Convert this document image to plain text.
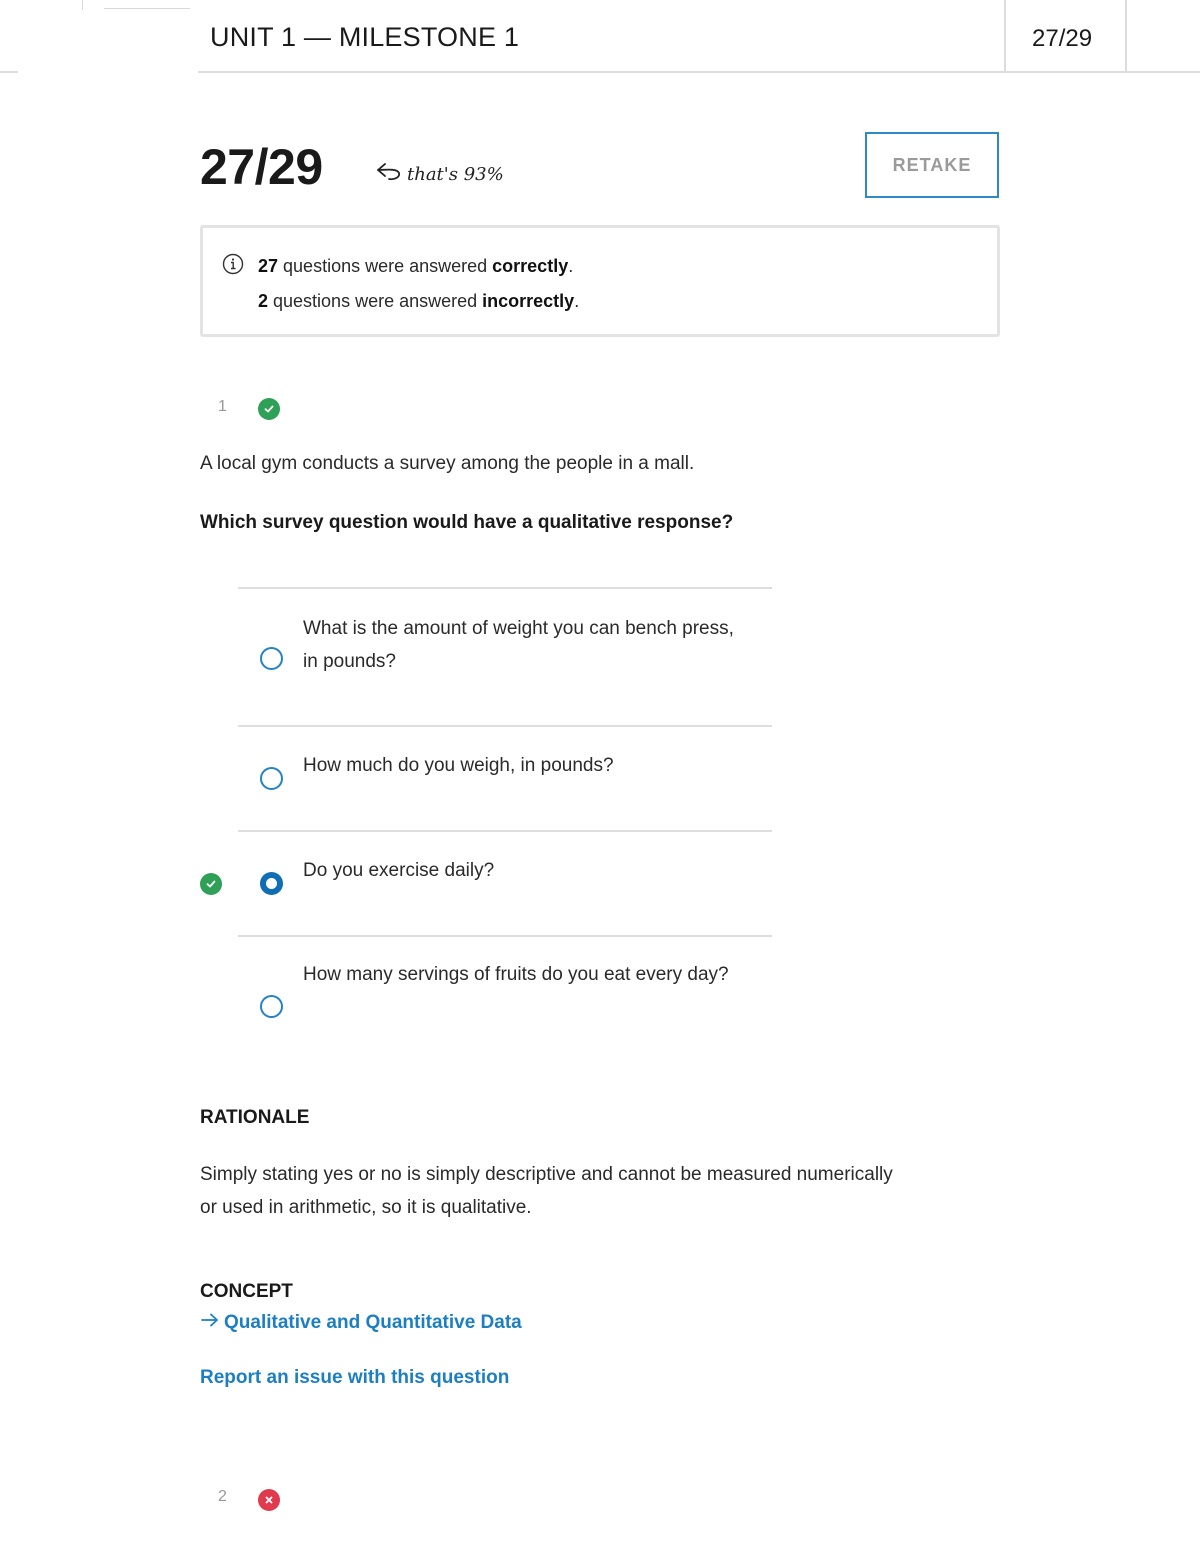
UNIT 1 — MILESTONE 1	27/29
27/29	that's 93%	RETAKE
27 questions were answered correctly.
2 questions were answered incorrectly.
1
A local gym conducts a survey among the people in a mall.
Which survey question would have a qualitative response?
What is the amount of weight you can bench press, in pounds?
How much do you weigh, in pounds?
Do you exercise daily?
How many servings of fruits do you eat every day?
RATIONALE
Simply stating yes or no is simply descriptive and cannot be measured numerically or used in arithmetic, so it is qualitative.
CONCEPT
Qualitative and Quantitative Data
Report an issue with this question
2
